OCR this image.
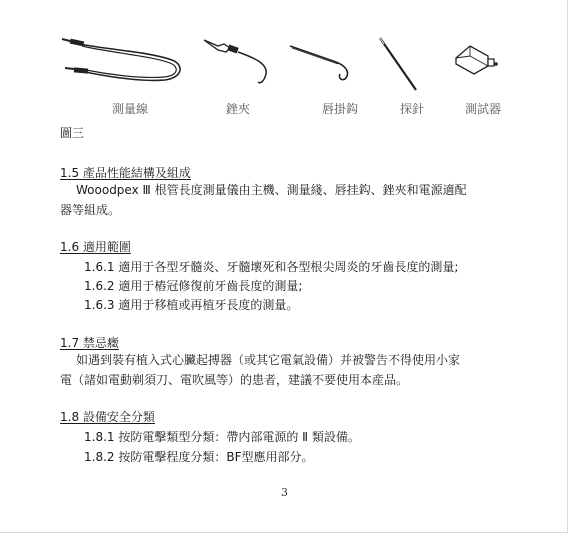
測量線	銼夾	唇掛鈎	探針	測試器
圖三
1.5 產品性能結構及組成
Wooodpex Ⅲ 根管長度測量儀由主機、測量綫、唇挂鈎、銼夾和電源適配
器等組成。
1.6 適用範圍
1.6.1 適用于各型牙髓炎、牙髓壞死和各型根尖周炎的牙齒長度的測量;
1.6.2 適用于樁冠修復前牙齒長度的測量;
1.6.3 適用于移植或再植牙長度的測量。
1.7 禁忌癥
如遇到裝有植入式心臟起搏器（或其它電氣設備）并被警告不得使用小家
電（諸如電動剃須刀、電吹風等）的患者，建議不要使用本産品。
1.8 設備安全分類
1.8.1 按防電擊類型分類：帶内部電源的 Ⅱ 類設備。
1.8.2 按防電擊程度分類：BF型應用部分。
3
